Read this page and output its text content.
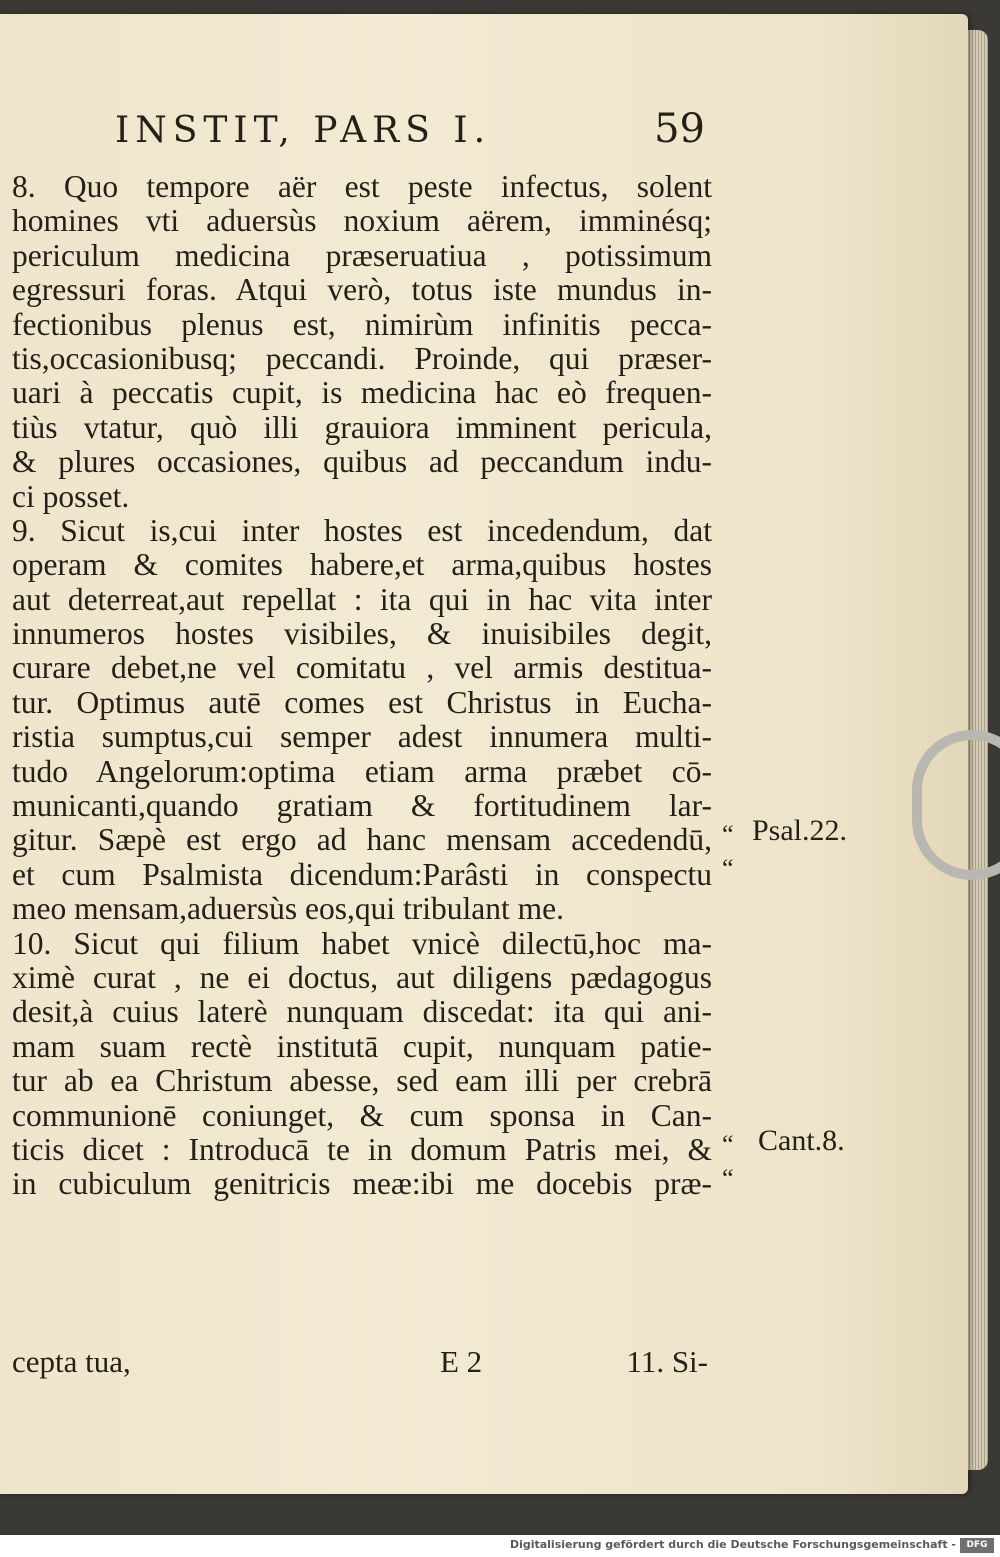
INSTIT, PARS I.	59
8. Quo tempore aër est peste infectus, solent
homines vti aduersùs noxium aërem, imminésq;
periculum medicina præseruatiua , potissimum
egressuri foras. Atqui verò, totus iste mundus in-
fectionibus plenus est, nimirùm infinitis pecca-
tis,occasionibusq; peccandi. Proinde, qui præser-
uari à peccatis cupit, is medicina hac eò frequen-
tiùs vtatur, quò illi grauiora imminent pericula,
& plures occasiones, quibus ad peccandum indu-
ci posset.
9. Sicut is,cui inter hostes est incedendum, dat
operam & comites habere,et arma,quibus hostes
aut deterreat,aut repellat : ita qui in hac vita inter
innumeros hostes visibiles, & inuisibiles degit,
curare debet,ne vel comitatu , vel armis destitua-
tur. Optimus autē comes est Christus in Eucha-
ristia sumptus,cui semper adest innumera multi-
tudo Angelorum:optima etiam arma præbet cō-
municanti,quando gratiam & fortitudinem lar-
gitur. Sæpè est ergo ad hanc mensam accedendū,
et cum Psalmista dicendum:Parâsti in conspectu
meo mensam,aduersùs eos,qui tribulant me.
10. Sicut qui filium habet vnicè dilectū,hoc ma-
ximè curat , ne ei doctus, aut diligens pædagogus
desit,à cuius laterè nunquam discedat: ita qui ani-
mam suam rectè institutā cupit, nunquam patie-
tur ab ea Christum abesse, sed eam illi per crebrā
communionē coniunget, & cum sponsa in Can-
ticis dicet : Introducā te in domum Patris mei, &
in cubiculum genitricis meæ:ibi me docebis præ-
“ Psal.22.
“
“ Cant.8.
“
cepta tua,	E 2	11. Si-
Digitalisierung gefördert durch die Deutsche Forschungsgemeinschaft -	DFG
